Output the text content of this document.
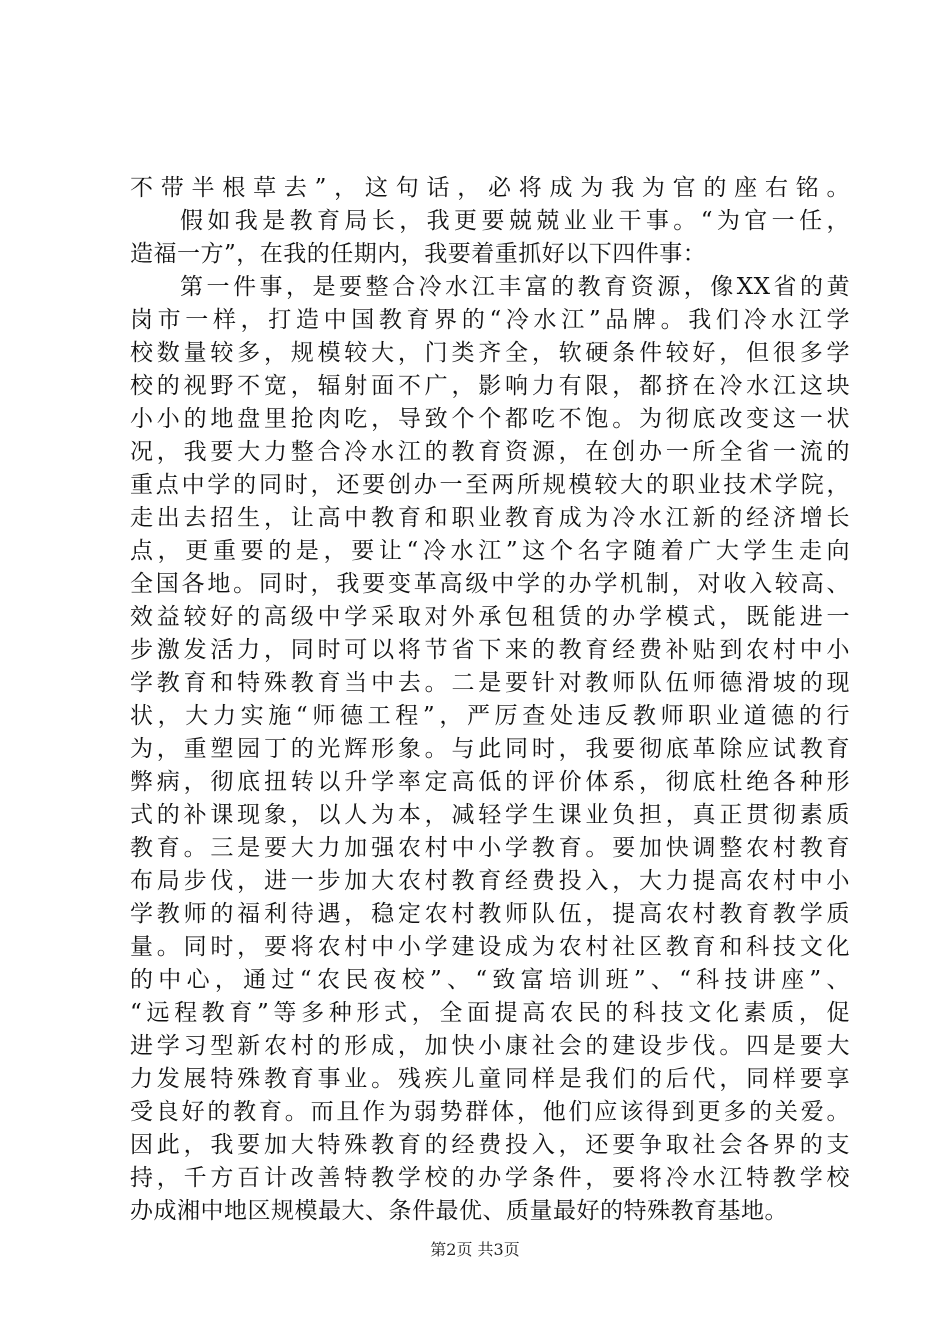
不带半根草去”，这句话，必将成为我为官的座右铭。
假如我是教育局长，我更要兢兢业业干事。“为官一任，
造福一方”，在我的任期内，我要着重抓好以下四件事：
第一件事，是要整合冷水江丰富的教育资源，像XX省的黄
岗市一样，打造中国教育界的“冷水江”品牌。我们冷水江学
校数量较多，规模较大，门类齐全，软硬条件较好，但很多学
校的视野不宽，辐射面不广，影响力有限，都挤在冷水江这块
小小的地盘里抢肉吃，导致个个都吃不饱。为彻底改变这一状
况，我要大力整合冷水江的教育资源，在创办一所全省一流的
重点中学的同时，还要创办一至两所规模较大的职业技术学院，
走出去招生，让高中教育和职业教育成为冷水江新的经济增长
点，更重要的是，要让“冷水江”这个名字随着广大学生走向
全国各地。同时，我要变革高级中学的办学机制，对收入较高、
效益较好的高级中学采取对外承包租赁的办学模式，既能进一
步激发活力，同时可以将节省下来的教育经费补贴到农村中小
学教育和特殊教育当中去。二是要针对教师队伍师德滑坡的现
状，大力实施“师德工程”，严厉查处违反教师职业道德的行
为，重塑园丁的光辉形象。与此同时，我要彻底革除应试教育
弊病，彻底扭转以升学率定高低的评价体系，彻底杜绝各种形
式的补课现象，以人为本，减轻学生课业负担，真正贯彻素质
教育。三是要大力加强农村中小学教育。要加快调整农村教育
布局步伐，进一步加大农村教育经费投入，大力提高农村中小
学教师的福利待遇，稳定农村教师队伍，提高农村教育教学质
量。同时，要将农村中小学建设成为农村社区教育和科技文化
的中心，通过“农民夜校”、“致富培训班”、“科技讲座”、
“远程教育”等多种形式，全面提高农民的科技文化素质，促
进学习型新农村的形成，加快小康社会的建设步伐。四是要大
力发展特殊教育事业。残疾儿童同样是我们的后代，同样要享
受良好的教育。而且作为弱势群体，他们应该得到更多的关爱。
因此，我要加大特殊教育的经费投入，还要争取社会各界的支
持，千方百计改善特教学校的办学条件，要将冷水江特教学校
办成湘中地区规模最大、条件最优、质量最好的特殊教育基地。
第2页 共3页
